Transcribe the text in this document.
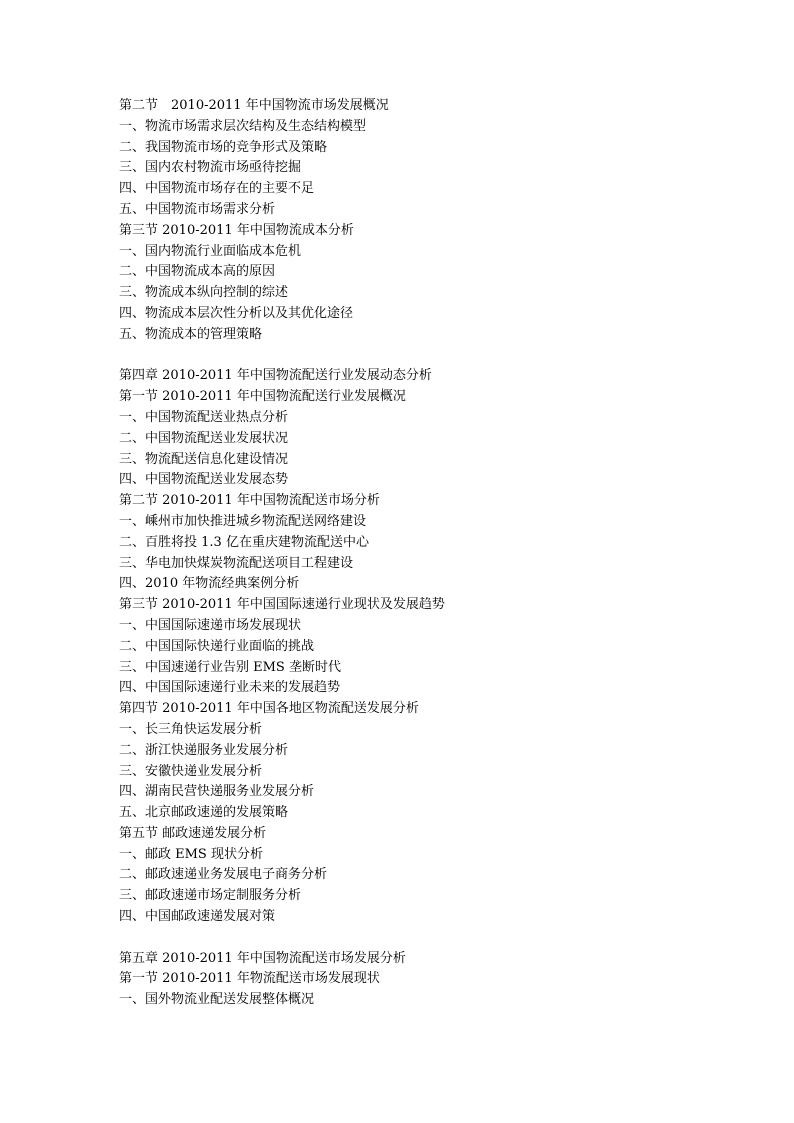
第二节　2010-2011 年中国物流市场发展概况

一、物流市场需求层次结构及生态结构模型

二、我国物流市场的竞争形式及策略

三、国内农村物流市场亟待挖掘

四、中国物流市场存在的主要不足

五、中国物流市场需求分析

第三节 2010-2011 年中国物流成本分析

一、国内物流行业面临成本危机

二、中国物流成本高的原因

三、物流成本纵向控制的综述

四、物流成本层次性分析以及其优化途径

五、物流成本的管理策略

第四章 2010-2011 年中国物流配送行业发展动态分析

第一节 2010-2011 年中国物流配送行业发展概况

一、中国物流配送业热点分析

二、中国物流配送业发展状况

三、物流配送信息化建设情况

四、中国物流配送业发展态势

第二节 2010-2011 年中国物流配送市场分析

一、嵊州市加快推进城乡物流配送网络建设

二、百胜将投 1.3 亿在重庆建物流配送中心

三、华电加快煤炭物流配送项目工程建设

四、2010 年物流经典案例分析

第三节 2010-2011 年中国国际速递行业现状及发展趋势

一、中国国际速递市场发展现状

二、中国国际快递行业面临的挑战

三、中国速递行业告别 EMS 垄断时代

四、中国国际速递行业未来的发展趋势

第四节 2010-2011 年中国各地区物流配送发展分析

一、长三角快运发展分析

二、浙江快递服务业发展分析

三、安徽快递业发展分析

四、湖南民营快递服务业发展分析

五、北京邮政速递的发展策略

第五节 邮政速递发展分析

一、邮政 EMS 现状分析

二、邮政速递业务发展电子商务分析

三、邮政速递市场定制服务分析

四、中国邮政速递发展对策

第五章 2010-2011 年中国物流配送市场发展分析

第一节 2010-2011 年物流配送市场发展现状

一、国外物流业配送发展整体概况
